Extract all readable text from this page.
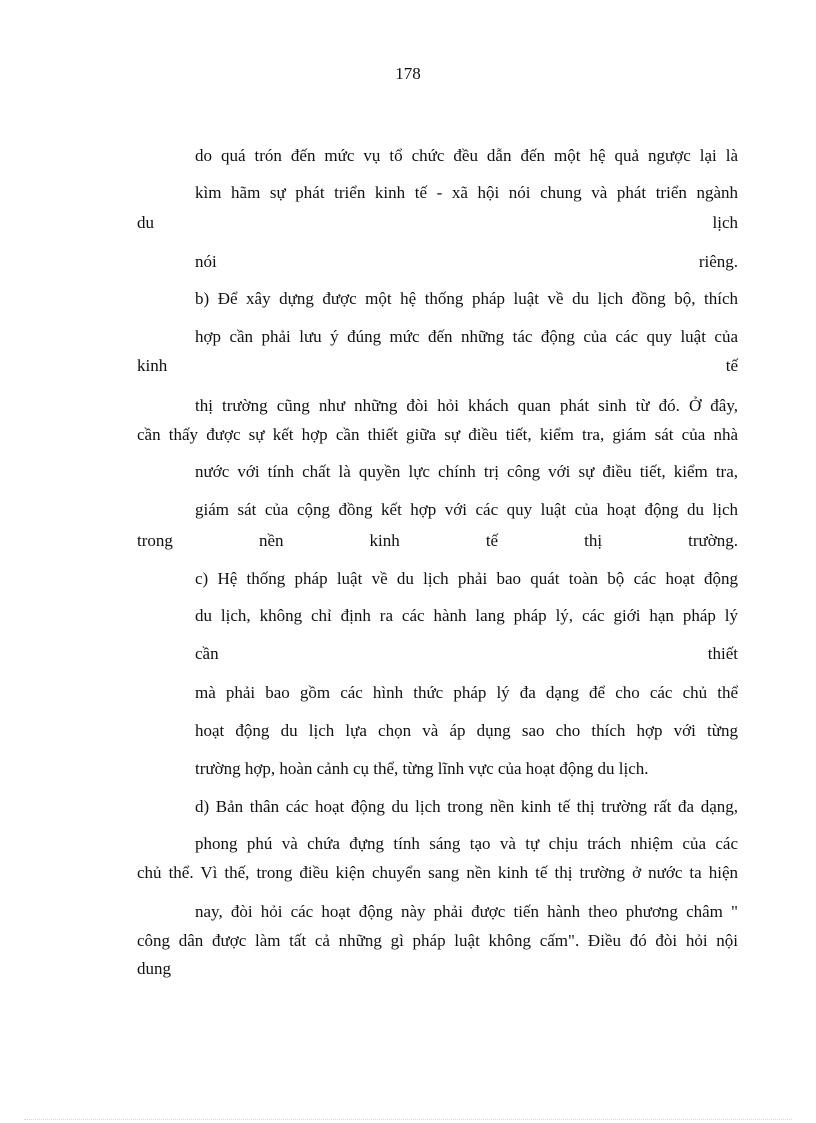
178
do quá trón đến mức vụ tổ chức đều dẫn đến một hệ quả ngược lại là
kìm hãm sự phát triển kinh tế - xã hội nói chung và phát triển ngành
du lịch
nói riêng.
b) Để xây dựng được một hệ thống pháp luật về du lịch đồng bộ, thích
hợp cần phải lưu ý đúng mức đến những tác động của các quy luật của
kinh tế
thị trường cũng như những đòi hỏi khách quan phát sinh từ đó. Ở đây,
cần thấy được sự kết hợp cần thiết giữa sự điều tiết, kiểm tra, giám sát của nhà
nước với tính chất là quyền lực chính trị công với sự điều tiết, kiểm tra,
giám sát của cộng đồng kết hợp với các quy luật của hoạt động du lịch
trong nền kinh tế thị trường.
c) Hệ thống pháp luật về du lịch phải bao quát toàn bộ các hoạt động
du lịch, không chỉ định ra các hành lang pháp lý, các giới hạn pháp lý
cần thiết
mà phải bao gồm các hình thức pháp lý đa dạng để cho các chủ thể
hoạt động du lịch lựa chọn và áp dụng sao cho thích hợp với từng
trường hợp, hoàn cảnh cụ thể, từng lĩnh vực của hoạt động du lịch.
d) Bản thân các hoạt động du lịch trong nền kinh tế thị trường rất đa dạng,
phong phú và chứa đựng tính sáng tạo và tự chịu trách nhiệm của các
chủ thể. Vì thế, trong điều kiện chuyển sang nền kinh tế thị trường ở nước ta hiện
nay, đòi hỏi các hoạt động này phải được tiến hành theo phương châm "
công dân được làm tất cả những gì pháp luật không cấm". Điều đó đòi hỏi nội
dung
